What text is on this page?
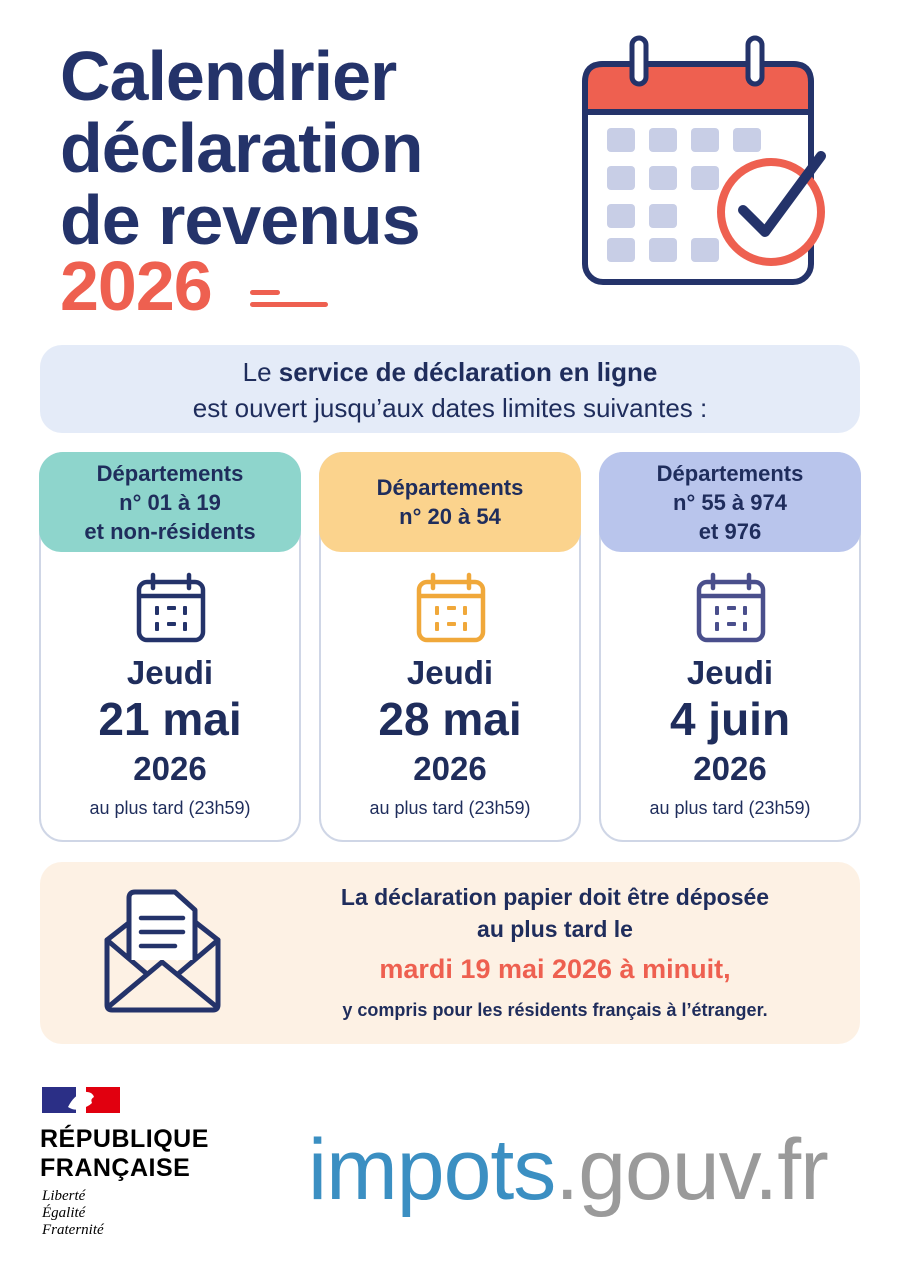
Calendrier
déclaration
de revenus
2026
Le service de déclaration en ligne
est ouvert jusqu’aux dates limites suivantes :
Départements
n° 01 à 19
et non-résidents
Jeudi
21 mai
2026
au plus tard (23h59)
Départements
n° 20 à 54
Jeudi
28 mai
2026
au plus tard (23h59)
Départements
n° 55 à 974
et 976
Jeudi
4 juin
2026
au plus tard (23h59)
La déclaration papier doit être déposée
au plus tard le
mardi 19 mai 2026 à minuit,
y compris pour les résidents français à l’étranger.
RÉPUBLIQUE
FRANÇAISE
Liberté
Égalité
Fraternité
impots.gouv.fr
